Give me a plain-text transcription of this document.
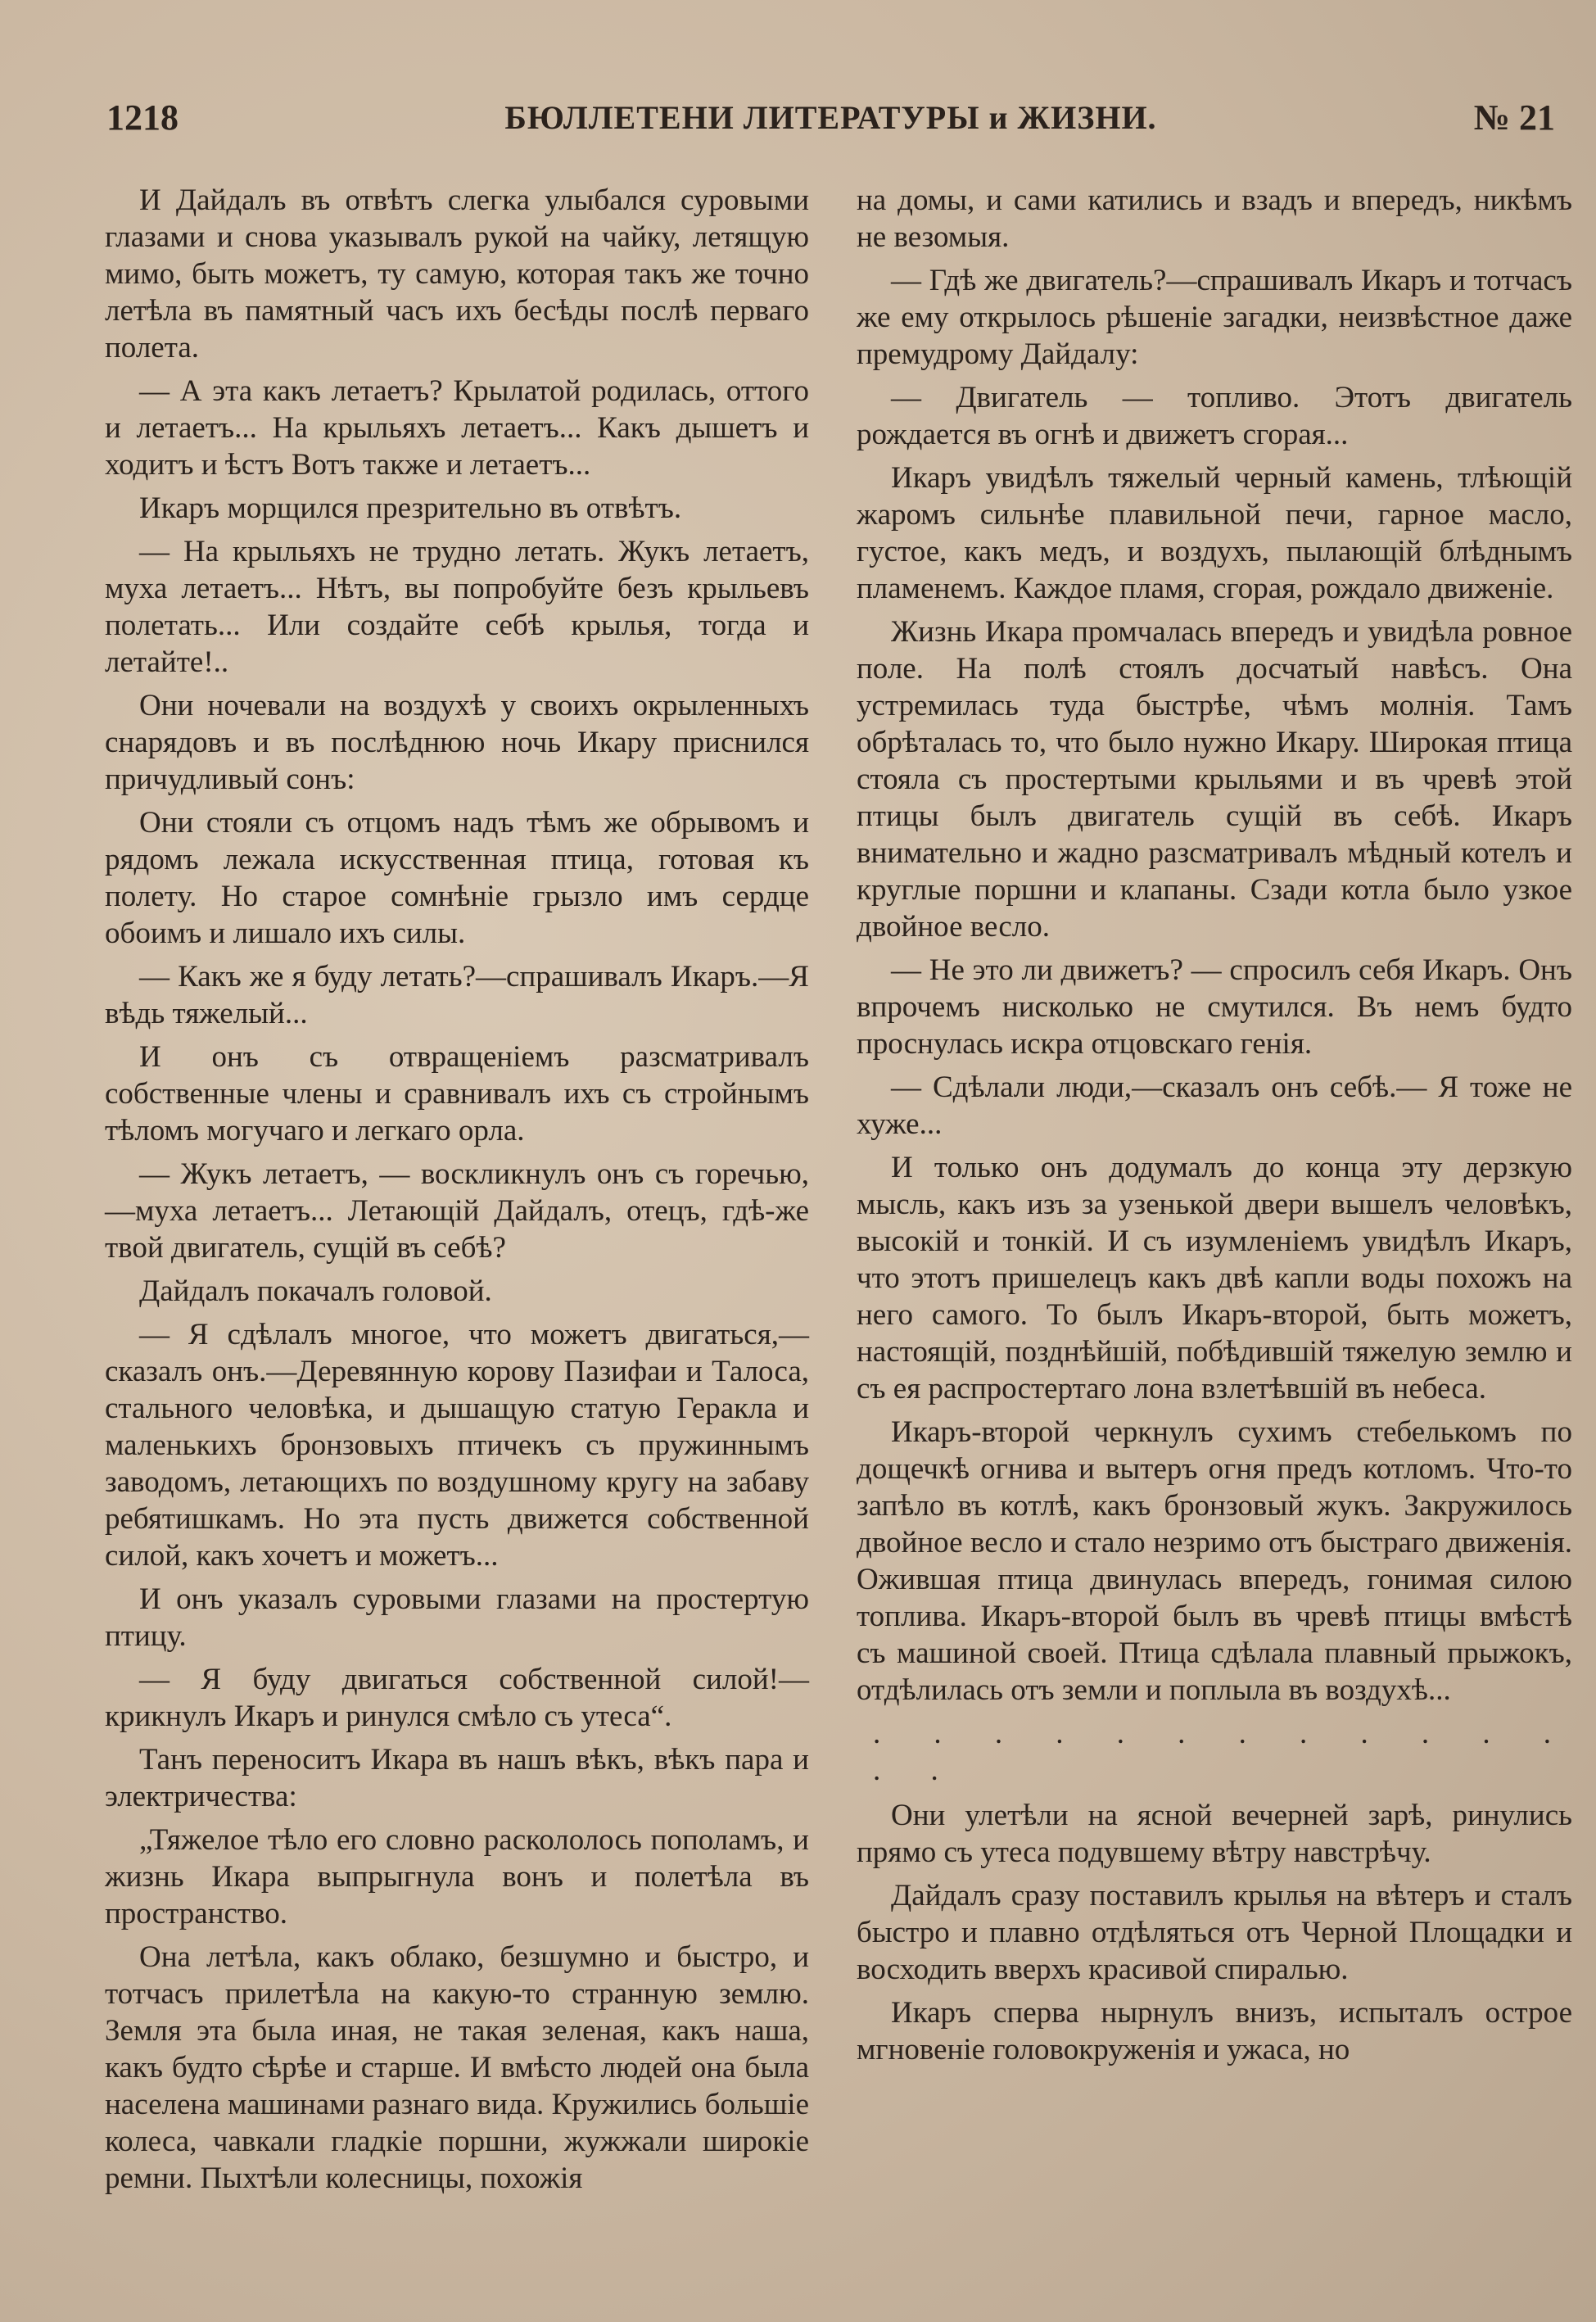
1218	БЮЛЛЕТЕНИ ЛИТЕРАТУРЫ и ЖИЗНИ.	№ 21

И Дайдалъ въ отвѣтъ слегка улыбался суровыми глазами и снова указывалъ рукой на чайку, летящую мимо, быть можетъ, ту самую, которая такъ же точно летѣла въ памятный часъ ихъ бесѣды послѣ перваго полета.

— А эта какъ летаетъ? Крылатой родилась, оттого и летаетъ... На крыльяхъ летаетъ... Какъ дышетъ и ходитъ и ѣстъ Вотъ также и летаетъ...

Икаръ морщился презрительно въ отвѣтъ.

— На крыльяхъ не трудно летать. Жукъ летаетъ, муха летаетъ... Нѣтъ, вы попробуйте безъ крыльевъ полетать... Или создайте себѣ крылья, тогда и летайте!..

Они ночевали на воздухѣ у своихъ окрыленныхъ снарядовъ и въ послѣднюю ночь Икару приснился причудливый сонъ:

Они стояли съ отцомъ надъ тѣмъ же обрывомъ и рядомъ лежала искусственная птица, готовая къ полету. Но старое сомнѣніе грызло имъ сердце обоимъ и лишало ихъ силы.

— Какъ же я буду летать?—спрашивалъ Икаръ.—Я вѣдь тяжелый...

И онъ съ отвращеніемъ разсматривалъ собственные члены и сравнивалъ ихъ съ стройнымъ тѣломъ могучаго и легкаго орла.

— Жукъ летаетъ, — воскликнулъ онъ съ горечью,—муха летаетъ... Летающій Дайдалъ, отецъ, гдѣ-же твой двигатель, сущій въ себѣ?

Дайдалъ покачалъ головой.

— Я сдѣлалъ многое, что можетъ двигаться,—сказалъ онъ.—Деревянную корову Пазифаи и Талоса, стального человѣка, и дышащую статую Геракла и маленькихъ бронзовыхъ птичекъ съ пружиннымъ заводомъ, летающихъ по воздушному кругу на забаву ребятишкамъ. Но эта пусть движется собственной силой, какъ хочетъ и можетъ...

И онъ указалъ суровыми глазами на простертую птицу.

— Я буду двигаться собственной силой!— крикнулъ Икаръ и ринулся смѣло съ утеса“.

Танъ переноситъ Икара въ нашъ вѣкъ, вѣкъ пара и электричества:

„Тяжелое тѣло его словно раскололось пополамъ, и жизнь Икара выпрыгнула вонъ и полетѣла въ пространство.

Она летѣла, какъ облако, безшумно и быстро, и тотчасъ прилетѣла на какую-то странную землю. Земля эта была иная, не такая зеленая, какъ наша, какъ будто сѣрѣе и старше. И вмѣсто людей она была населена машинами разнаго вида. Кружились большіе колеса, чавкали гладкіе поршни, жужжали широкіе ремни. Пыхтѣли колесницы, похожія

на домы, и сами катились и взадъ и впередъ, никѣмъ не везомыя.

— Гдѣ же двигатель?—спрашивалъ Икаръ и тотчасъ же ему открылось рѣшеніе загадки, неизвѣстное даже премудрому Дайдалу:

— Двигатель — топливо. Этотъ двигатель рождается въ огнѣ и движетъ сгорая...

Икаръ увидѣлъ тяжелый черный камень, тлѣющій жаромъ сильнѣе плавильной печи, гарное масло, густое, какъ медъ, и воздухъ, пылающій блѣднымъ пламенемъ. Каждое пламя, сгорая, рождало движеніе.

Жизнь Икара промчалась впередъ и увидѣла ровное поле. На полѣ стоялъ досчатый навѣсъ. Она устремилась туда быстрѣе, чѣмъ молнія. Тамъ обрѣталась то, что было нужно Икару. Широкая птица стояла съ простертыми крыльями и въ чревѣ этой птицы былъ двигатель сущій въ себѣ. Икаръ внимательно и жадно разсматривалъ мѣдный котелъ и круглые поршни и клапаны. Сзади котла было узкое двойное весло.

— Не это ли движетъ? — спросилъ себя Икаръ. Онъ впрочемъ нисколько не смутился. Въ немъ будто проснулась искра отцовскаго генія.

— Сдѣлали люди,—сказалъ онъ себѣ.— Я тоже не хуже...

И только онъ додумалъ до конца эту дерзкую мысль, какъ изъ за узенькой двери вышелъ человѣкъ, высокій и тонкій. И съ изумленіемъ увидѣлъ Икаръ, что этотъ пришелецъ какъ двѣ капли воды похожъ на него самого. То былъ Икаръ-второй, быть можетъ, настоящій, позднѣйшій, побѣдившій тяжелую землю и съ ея распростертаго лона взлетѣвшій въ небеса.

Икаръ-второй черкнулъ сухимъ стебелькомъ по дощечкѣ огнива и вытеръ огня предъ котломъ. Что-то запѣло въ котлѣ, какъ бронзовый жукъ. Закружилось двойное весло и стало незримо отъ быстраго движенія. Ожившая птица двинулась впередъ, гонимая силою топлива. Икаръ-второй былъ въ чревѣ птицы вмѣстѣ съ машиной своей. Птица сдѣлала плавный прыжокъ, отдѣлилась отъ земли и поплыла въ воздухѣ...

. . . . . . . . . . . . . .

Они улетѣли на ясной вечерней зарѣ, ринулись прямо съ утеса подувшему вѣтру навстрѣчу.

Дайдалъ сразу поставилъ крылья на вѣтеръ и сталъ быстро и плавно отдѣляться отъ Черной Площадки и восходить вверхъ красивой спиралью.

Икаръ сперва нырнулъ внизъ, испыталъ острое мгновеніе головокруженія и ужаса, но
